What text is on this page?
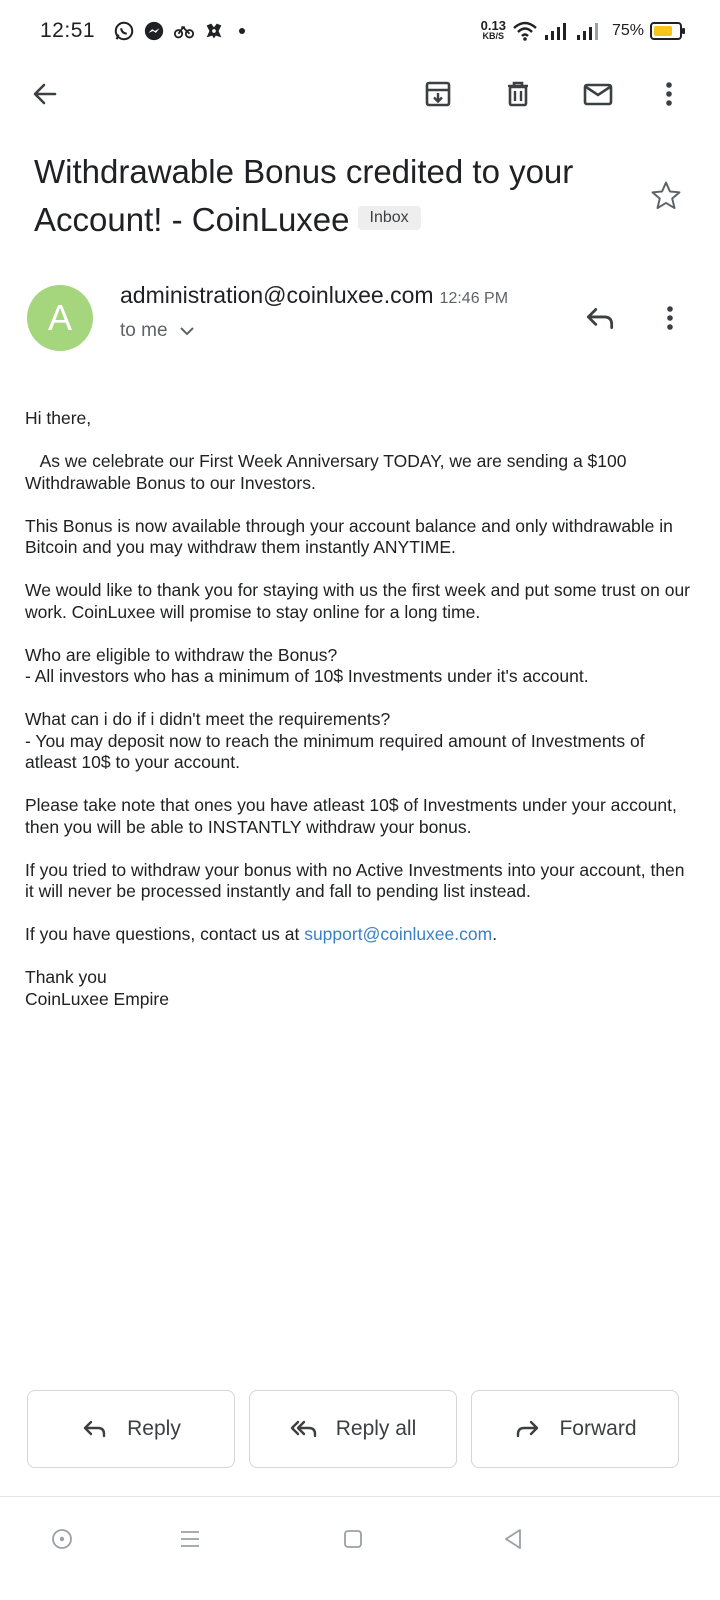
12:51	0.13
KB/S	75%
Withdrawable Bonus credited to your Account! - CoinLuxee Inbox
A
administration@coinluxee.com 12:46 PM
to me

Hi there,

As we celebrate our First Week Anniversary TODAY, we are sending a $100 Withdrawable Bonus to our Investors.

This Bonus is now available through your account balance and only withdrawable in Bitcoin and you may withdraw them instantly ANYTIME.

We would like to thank you for staying with us the first week and put some trust on our work. CoinLuxee will promise to stay online for a long time.

Who are eligible to withdraw the Bonus?
- All investors who has a minimum of 10$ Investments under it's account.

What can i do if i didn't meet the requirements?
- You may deposit now to reach the minimum required amount of Investments of atleast 10$ to your account.

Please take note that ones you have atleast 10$ of Investments under your account, then you will be able to INSTANTLY withdraw your bonus.

If you tried to withdraw your bonus with no Active Investments into your account, then it will never be processed instantly and fall to pending list instead.

If you have questions, contact us at support@coinluxee.com.

Thank you
CoinLuxee Empire

Reply	Reply all	Forward
